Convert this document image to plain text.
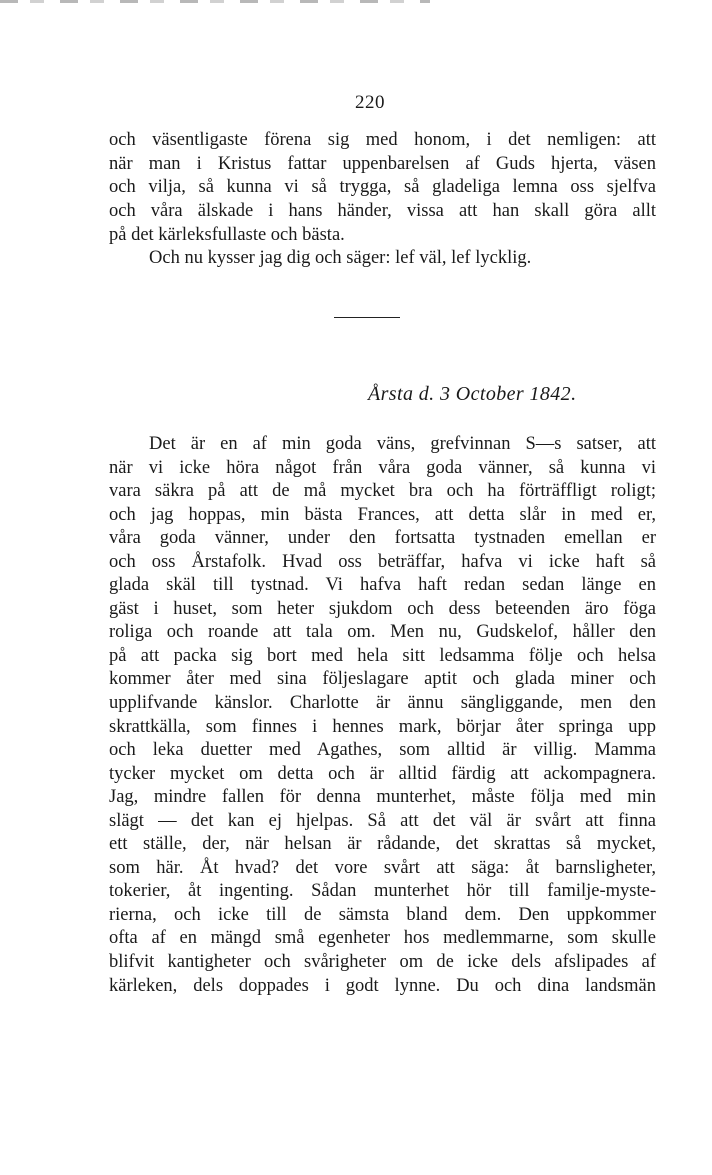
220
och väsentligaste förena sig med honom, i det nemligen: att
när man i Kristus fattar uppenbarelsen af Guds hjerta, väsen
och vilja, så kunna vi så trygga, så gladeliga lemna oss sjelfva
och våra älskade i hans händer, vissa att han skall göra allt
på det kärleksfullaste och bästa.
Och nu kysser jag dig och säger: lef väl, lef lycklig.
Årsta d. 3 October 1842.
Det är en af min goda väns, grefvinnan S—s satser, att
när vi icke höra något från våra goda vänner, så kunna vi
vara säkra på att de må mycket bra och ha förträffligt roligt;
och jag hoppas, min bästa Frances, att detta slår in med er,
våra goda vänner, under den fortsatta tystnaden emellan er
och oss Årstafolk. Hvad oss beträffar, hafva vi icke haft så
glada skäl till tystnad. Vi hafva haft redan sedan länge en
gäst i huset, som heter sjukdom och dess beteenden äro föga
roliga och roande att tala om. Men nu, Gudskelof, håller den
på att packa sig bort med hela sitt ledsamma följe och helsa
kommer åter med sina följeslagare aptit och glada miner och
upplifvande känslor. Charlotte är ännu sängliggande, men den
skrattkälla, som finnes i hennes mark, börjar åter springa upp
och leka duetter med Agathes, som alltid är villig. Mamma
tycker mycket om detta och är alltid färdig att ackompagnera.
Jag, mindre fallen för denna munterhet, måste följa med min
slägt — det kan ej hjelpas. Så att det väl är svårt att finna
ett ställe, der, när helsan är rådande, det skrattas så mycket,
som här. Åt hvad? det vore svårt att säga: åt barnsligheter,
tokerier, åt ingenting. Sådan munterhet hör till familje-myste-
rierna, och icke till de sämsta bland dem. Den uppkommer
ofta af en mängd små egenheter hos medlemmarne, som skulle
blifvit kantigheter och svårigheter om de icke dels afslipades af
kärleken, dels doppades i godt lynne. Du och dina landsmän
